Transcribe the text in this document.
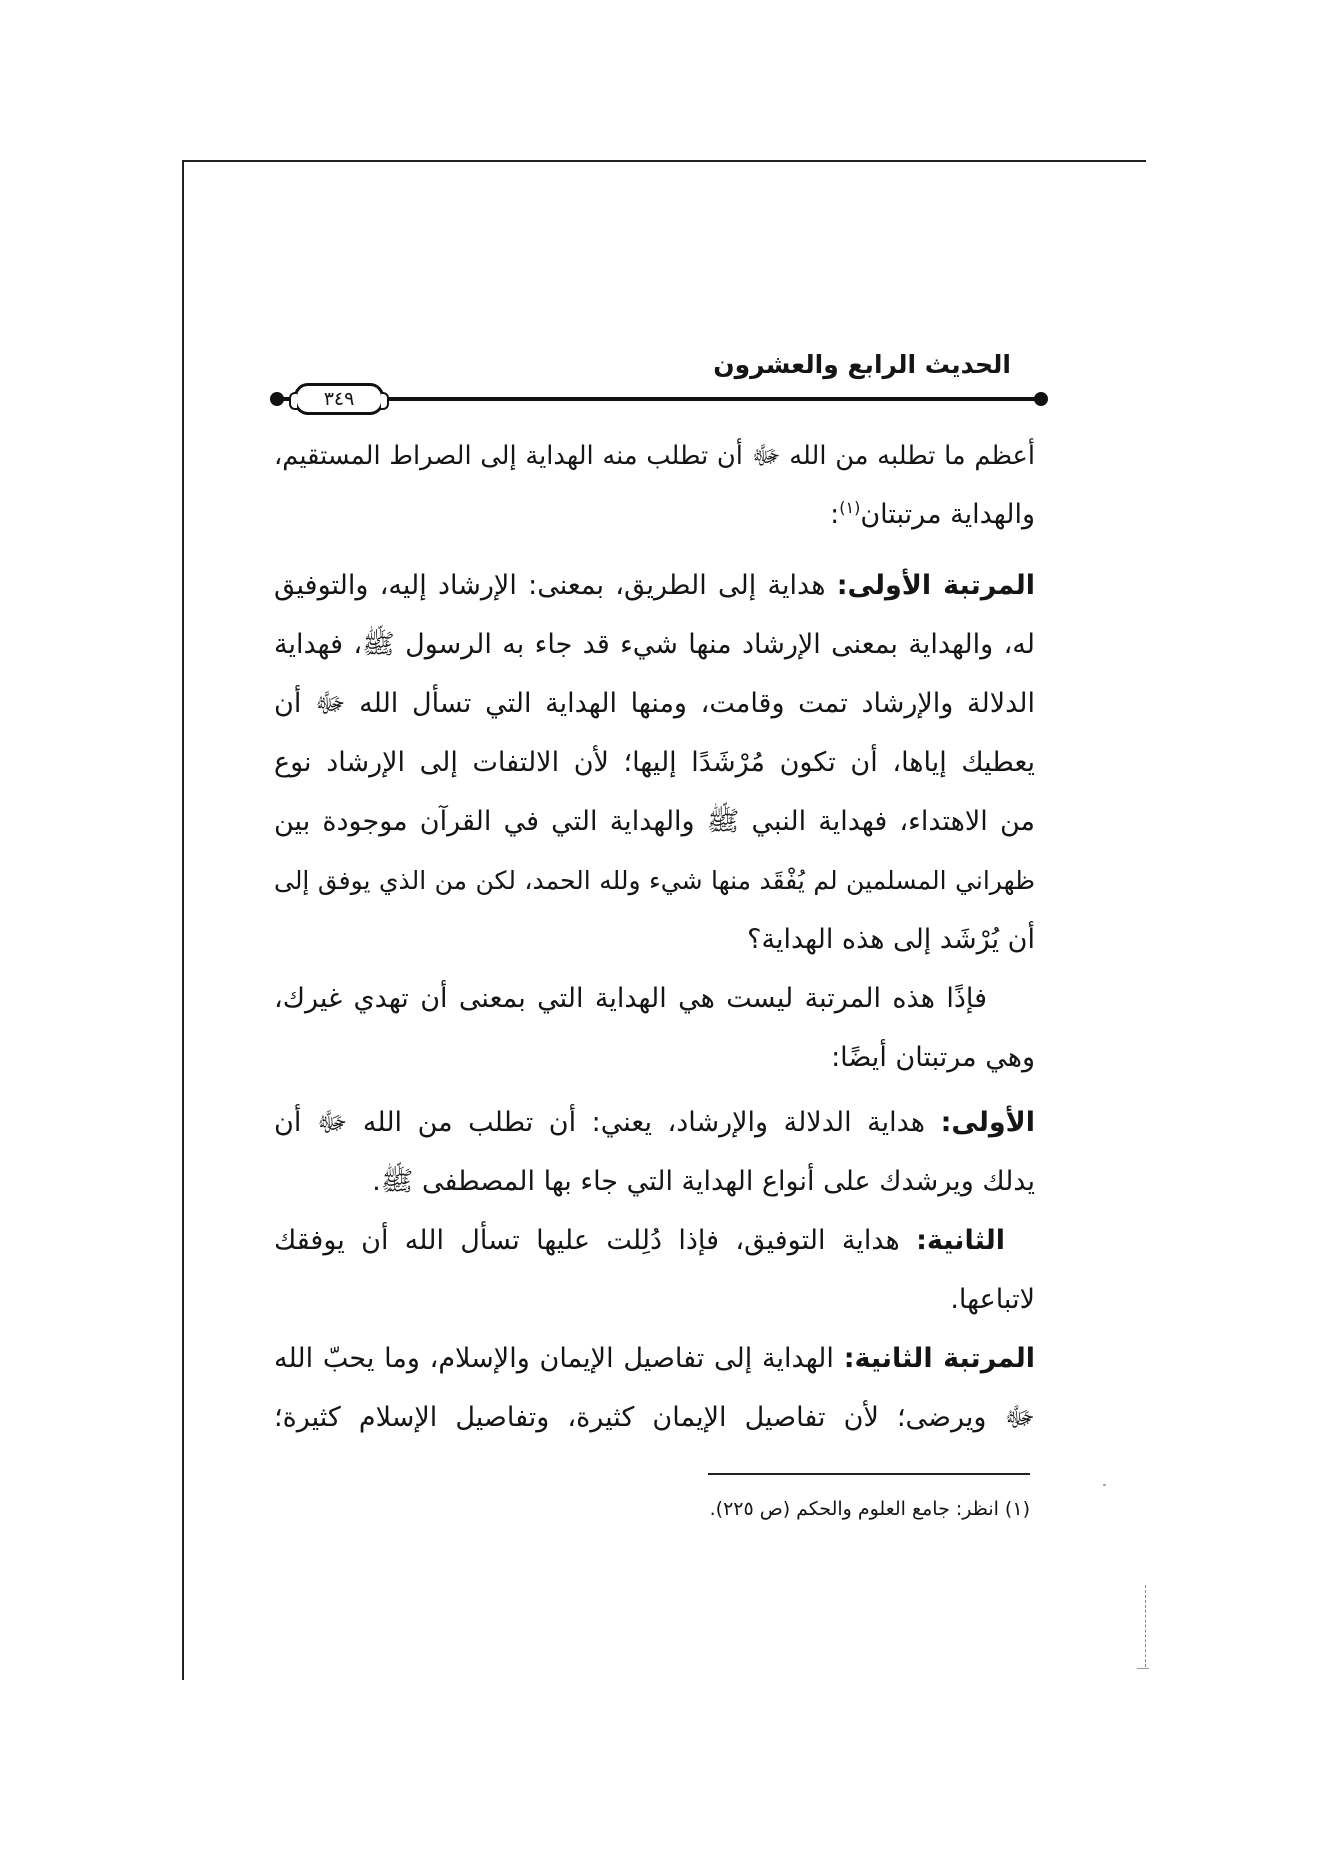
الحديث الرابع والعشرون
٣٤٩
أعظم ما تطلبه من الله ﷻ أن تطلب منه الهداية إلى الصراط المستقيم،
والهداية مرتبتان$^{(١)}$:
المرتبة الأولى: هداية إلى الطريق، بمعنى: الإرشاد إليه، والتوفيق
له، والهداية بمعنى الإرشاد منها شيء قد جاء به الرسول ﷺ، فهداية
الدلالة والإرشاد تمت وقامت، ومنها الهداية التي تسأل الله ﷻ أن
يعطيك إياها، أن تكون مُرْشَدًا إليها؛ لأن الالتفات إلى الإرشاد نوع
من الاهتداء، فهداية النبي ﷺ والهداية التي في القرآن موجودة بين
ظهراني المسلمين لم يُفْقَد منها شيء ولله الحمد، لكن من الذي يوفق إلى
أن يُرْشَد إلى هذه الهداية؟
فإذًا هذه المرتبة ليست هي الهداية التي بمعنى أن تهدي غيرك،
وهي مرتبتان أيضًا:
الأولى: هداية الدلالة والإرشاد، يعني: أن تطلب من الله ﷻ أن
يدلك ويرشدك على أنواع الهداية التي جاء بها المصطفى ﷺ.
الثانية: هداية التوفيق، فإذا دُلِلت عليها تسأل الله أن يوفقك
لاتباعها.
المرتبة الثانية: الهداية إلى تفاصيل الإيمان والإسلام، وما يحبّ الله
ﷻ ويرضى؛ لأن تفاصيل الإيمان كثيرة، وتفاصيل الإسلام كثيرة؛
(١) انظر: جامع العلوم والحكم (ص ٢٢٥).
